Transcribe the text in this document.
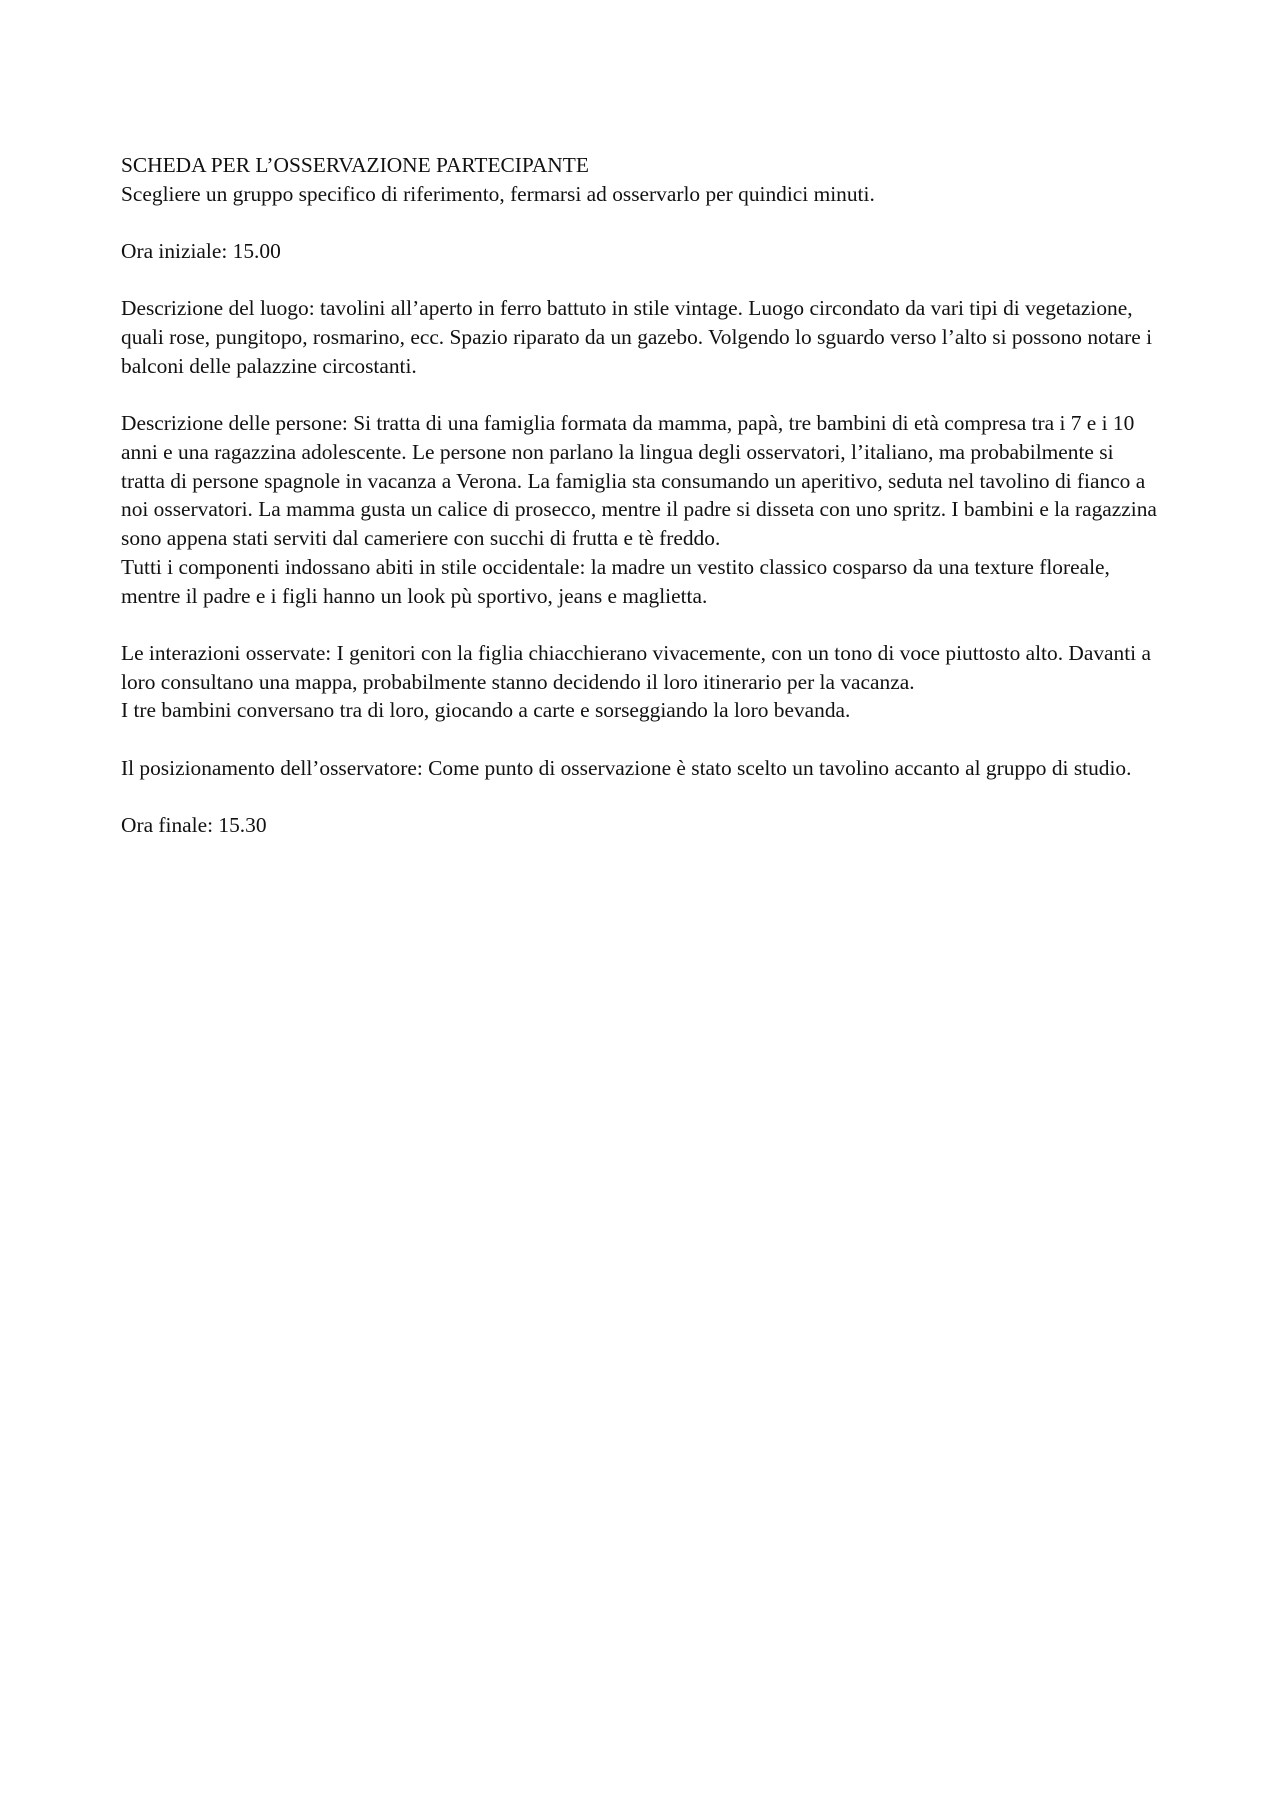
SCHEDA PER L’OSSERVAZIONE PARTECIPANTE

Scegliere un gruppo specifico di riferimento, fermarsi ad osservarlo per quindici minuti.

Ora iniziale: 15.00

Descrizione del luogo: tavolini all’aperto in ferro battuto in stile vintage. Luogo circondato da vari tipi di vegetazione, quali rose, pungitopo, rosmarino, ecc. Spazio riparato da un gazebo. Volgendo lo sguardo verso l’alto si possono notare i balconi delle palazzine circostanti.

Descrizione delle persone: Si tratta di una famiglia formata da mamma, papà, tre bambini di età compresa tra i 7 e i 10 anni e una ragazzina adolescente. Le persone non parlano la lingua degli osservatori, l’italiano, ma probabilmente si tratta di persone spagnole in vacanza a Verona. La famiglia sta consumando un aperitivo, seduta nel tavolino di fianco a noi osservatori. La mamma gusta un calice di prosecco, mentre il padre si disseta con uno spritz. I bambini e la ragazzina sono appena stati serviti dal cameriere con succhi di frutta e tè freddo.

Tutti i componenti indossano abiti in stile occidentale: la madre un vestito classico cosparso da una texture floreale, mentre il padre e i figli hanno un look pù sportivo, jeans e maglietta.

Le interazioni osservate: I genitori con la figlia chiacchierano vivacemente, con un tono di voce piuttosto alto. Davanti a loro consultano una mappa, probabilmente stanno decidendo il loro itinerario per la vacanza.

I tre bambini conversano tra di loro, giocando a carte e sorseggiando la loro bevanda.

Il posizionamento dell’osservatore: Come punto di osservazione è stato scelto un tavolino accanto al gruppo di studio.

Ora finale: 15.30
